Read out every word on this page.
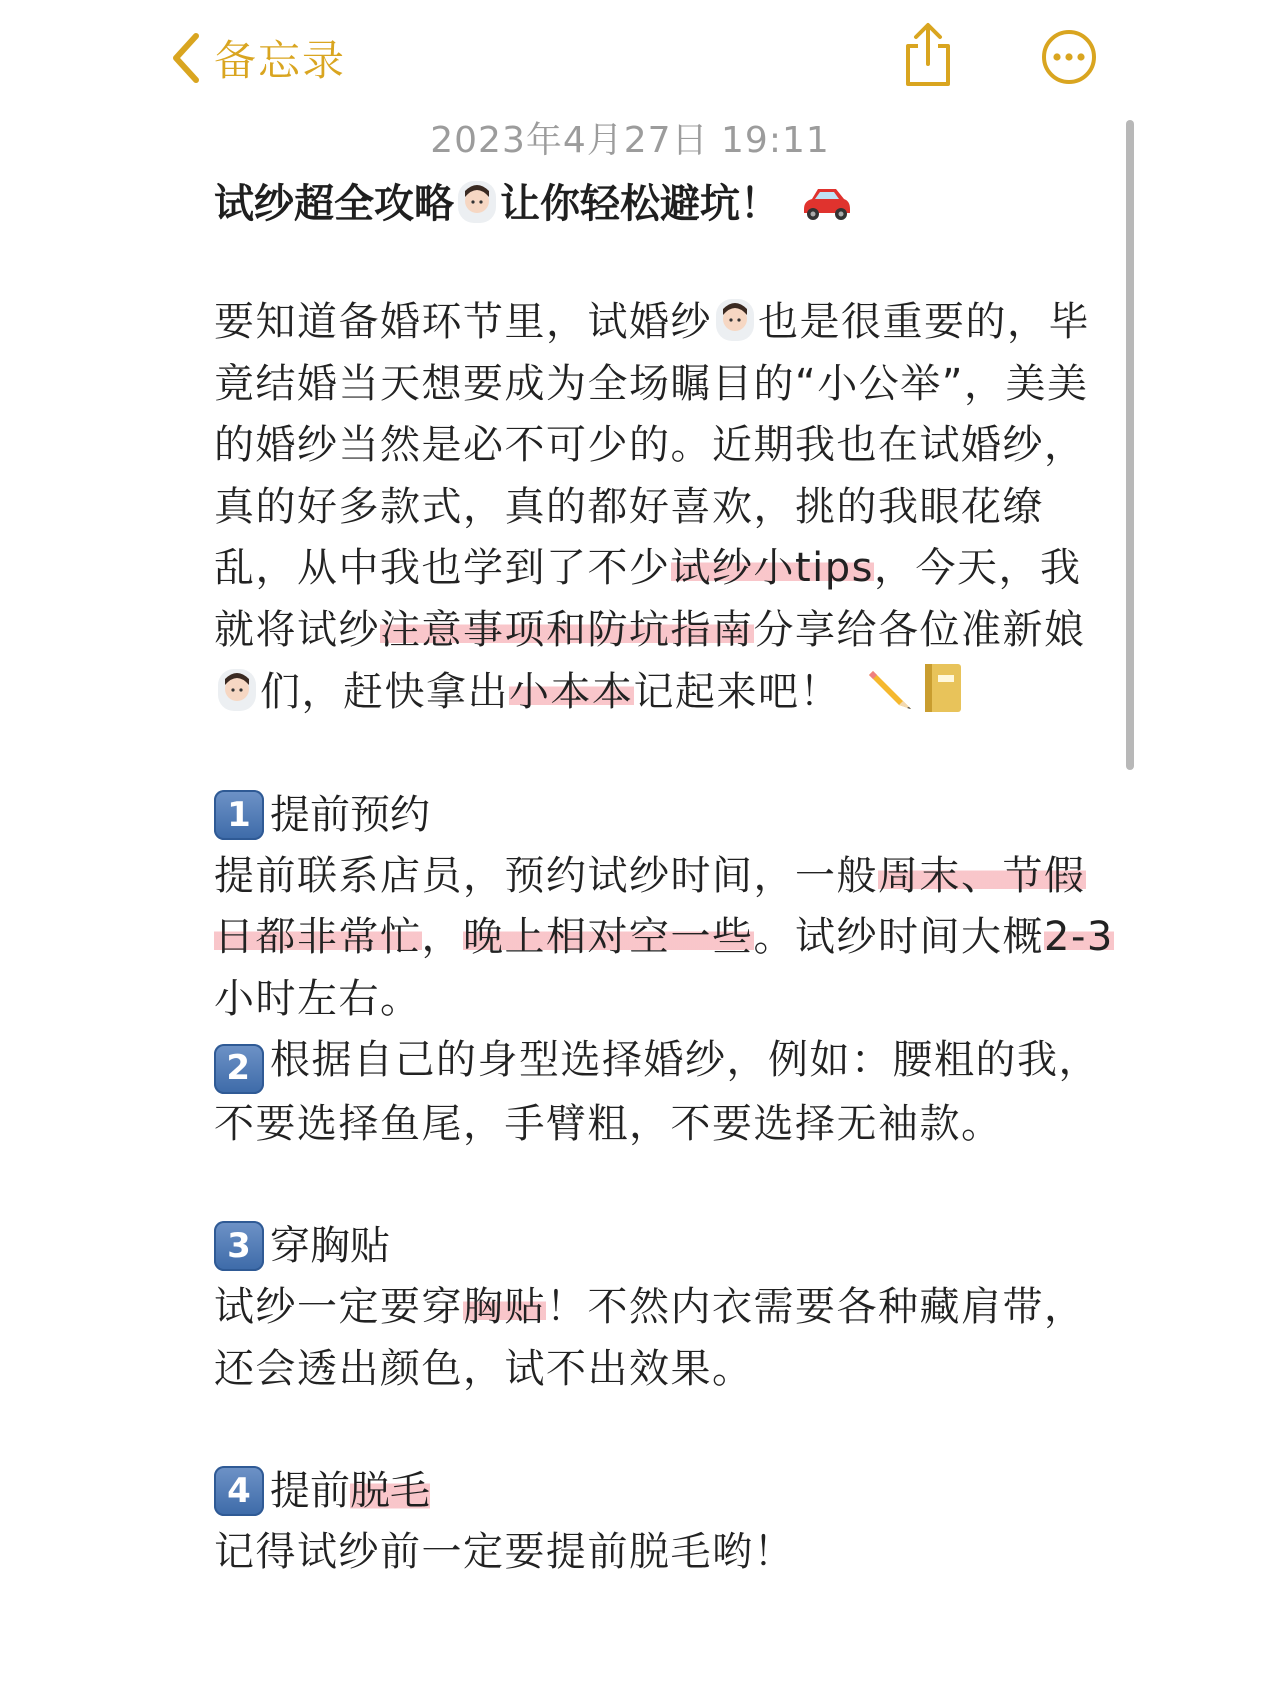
备忘录
2023年4月27日 19:11
试纱超全攻略 让你轻松避坑！

要知道备婚环节里，试婚纱 也是很重要的，毕竟结婚当天想要成为全场瞩目的“小公举”，美美的婚纱当然是必不可少的。近期我也在试婚纱，真的好多款式，真的都好喜欢，挑的我眼花缭乱，从中我也学到了不少试纱小tips，今天，我就将试纱注意事项和防坑指南分享给各位准新娘们，赶快拿出小本本记起来吧！

1 提前预约

提前联系店员，预约试纱时间，一般周末、节假日都非常忙，晚上相对空一些。试纱时间大概2-3小时左右。

2 根据自己的身型选择婚纱，例如：腰粗的我，不要选择鱼尾，手臂粗，不要选择无袖款。

3 穿胸贴

试纱一定要穿胸贴！不然内衣需要各种藏肩带，还会透出颜色，试不出效果。

4 提前 脱毛

记得试纱前一定要提前脱毛哟！
